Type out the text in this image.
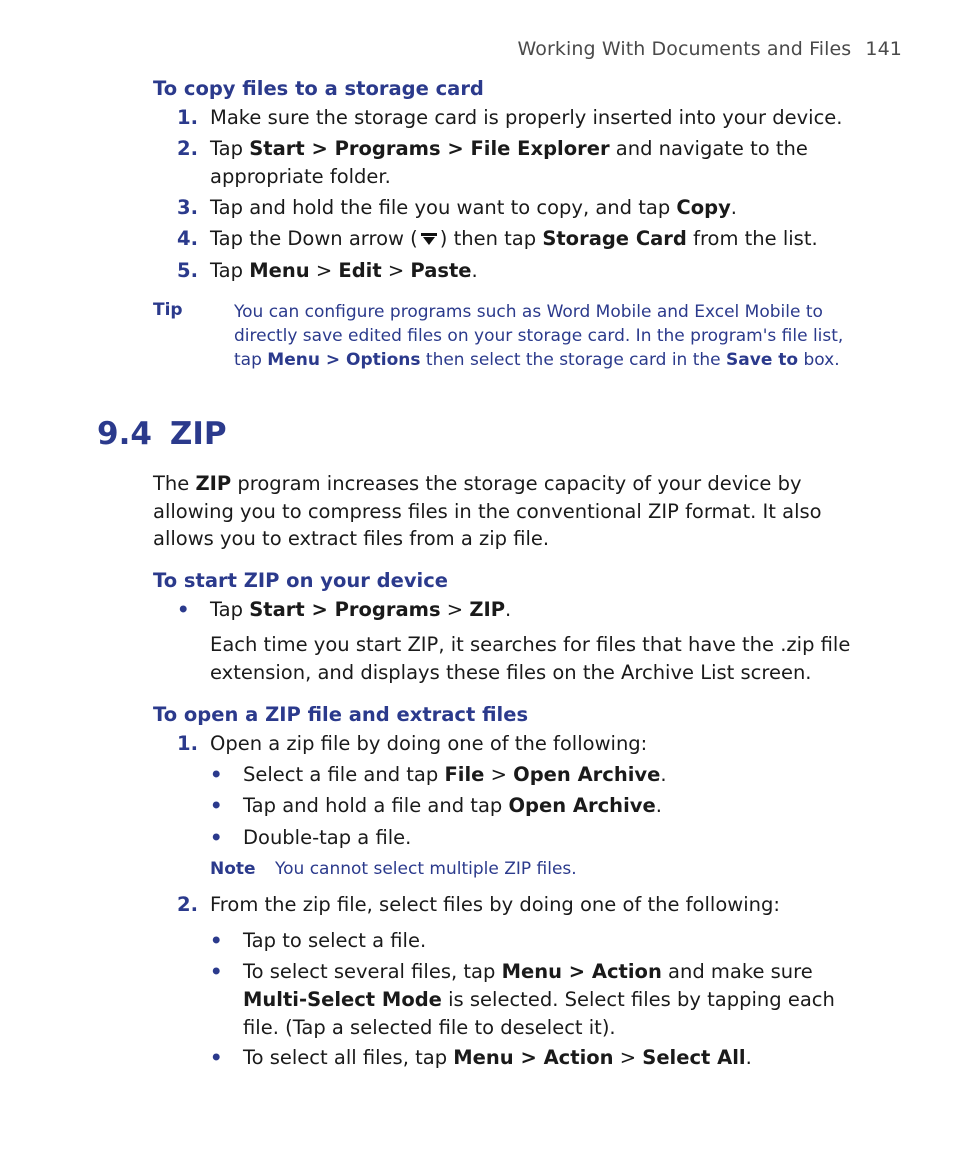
Working With Documents and Files 141
To copy files to a storage card
1. Make sure the storage card is properly inserted into your device.
2. Tap Start > Programs > File Explorer and navigate to the appropriate folder.
3. Tap and hold the file you want to copy, and tap Copy.
4. Tap the Down arrow ( ) then tap Storage Card from the list.
5. Tap Menu > Edit > Paste.
Tip	You can configure programs such as Word Mobile and Excel Mobile to directly save edited files on your storage card. In the program's file list, tap Menu > Options then select the storage card in the Save to box.
9.4 ZIP
The ZIP program increases the storage capacity of your device by allowing you to compress files in the conventional ZIP format. It also allows you to extract files from a zip file.
To start ZIP on your device
• Tap Start > Programs > ZIP.
Each time you start ZIP, it searches for files that have the .zip file extension, and displays these files on the Archive List screen.
To open a ZIP file and extract files
1. Open a zip file by doing one of the following:
• Select a file and tap File > Open Archive.
• Tap and hold a file and tap Open Archive.
• Double-tap a file.
Note You cannot select multiple ZIP files.
2. From the zip file, select files by doing one of the following:
• Tap to select a file.
• To select several files, tap Menu > Action and make sure Multi-Select Mode is selected. Select files by tapping each file. (Tap a selected file to deselect it).
• To select all files, tap Menu > Action > Select All.
